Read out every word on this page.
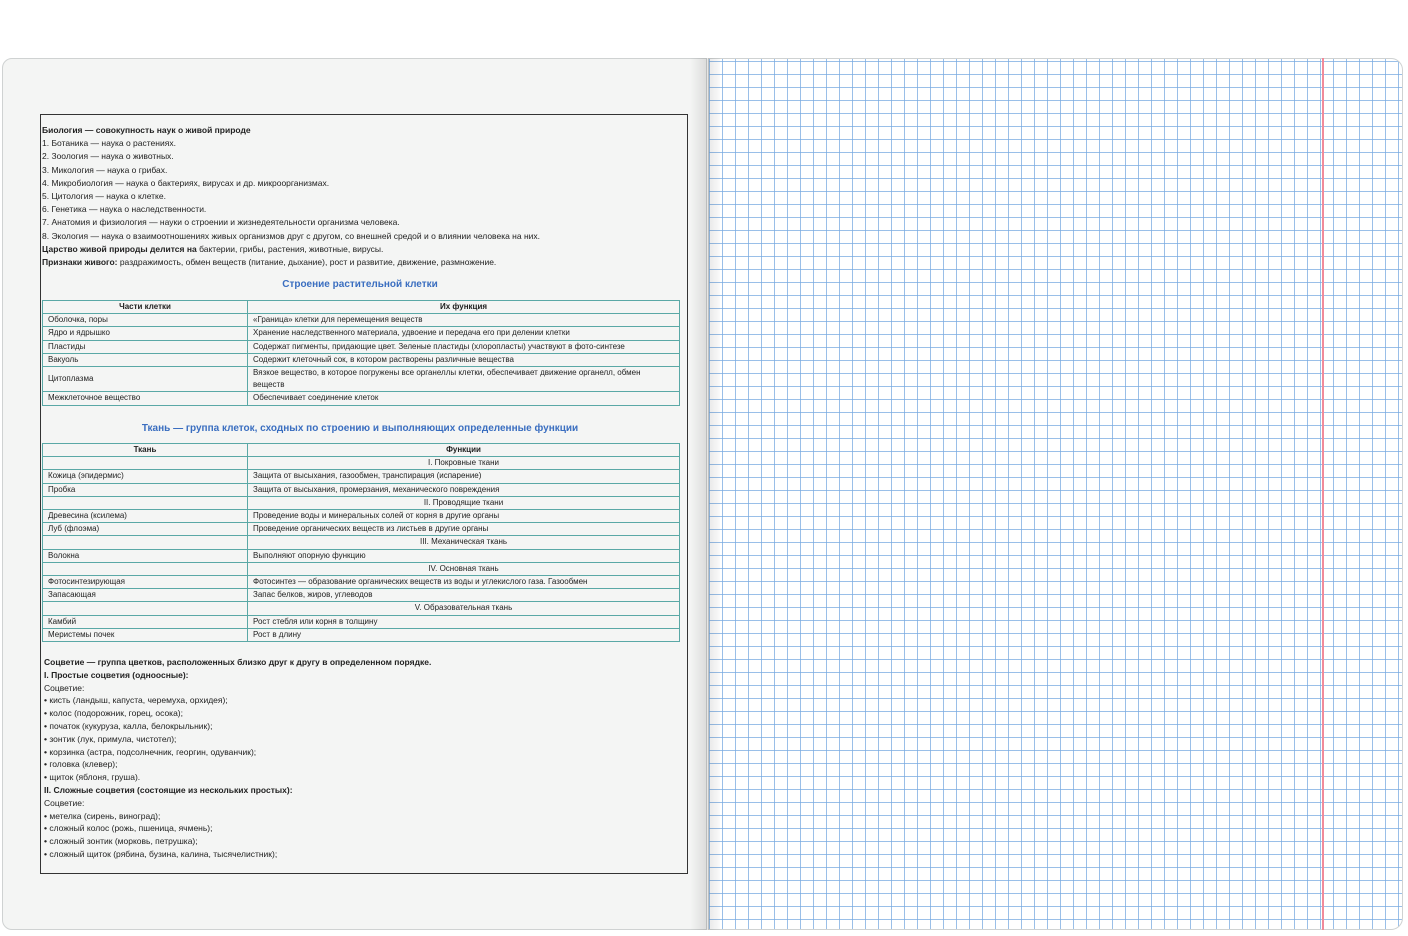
Биология — совокупность наук о живой природе
1. Ботаника — наука о растениях.
2. Зоология — наука о животных.
3. Микология — наука о грибах.
4. Микробиология — наука о бактериях, вирусах и др. микроорганизмах.
5. Цитология — наука о клетке.
6. Генетика — наука о наследственности.
7. Анатомия и физиология — науки о строении и жизнедеятельности организма человека.
8. Экология — наука о взаимоотношениях живых организмов друг с другом, со внешней средой и о влиянии человека на них.
Царство живой природы делится на бактерии, грибы, растения, животные, вирусы.
Признаки живого: раздражимость, обмен веществ (питание, дыхание), рост и развитие, движение, размножение.
Строение растительной клетки
Части клетки	Их функция
Оболочка, поры	«Граница» клетки для перемещения веществ
Ядро и ядрышко	Хранение наследственного материала, удвоение и передача его при делении клетки
Пластиды	Содержат пигменты, придающие цвет. Зеленые пластиды (хлоропласты) участвуют в фото-синтезе
Вакуоль	Содержит клеточный сок, в котором растворены различные вещества
Цитоплазма	Вязкое вещество, в которое погружены все органеллы клетки, обеспечивает движение органелл, обмен веществ
Межклеточное вещество	Обеспечивает соединение клеток
Ткань — группа клеток, сходных по строению и выполняющих определенные функции
Ткань	Функции
	I. Покровные ткани
Кожица (эпидермис)	Защита от высыхания, газообмен, транспирация (испарение)
Пробка	Защита от высыхания, промерзания, механического повреждения
	II. Проводящие ткани
Древесина (ксилема)	Проведение воды и минеральных солей от корня в другие органы
Луб (флоэма)	Проведение органических веществ из листьев в другие органы
	III. Механическая ткань
Волокна	Выполняют опорную функцию
	IV. Основная ткань
Фотосинтезирующая	Фотосинтез — образование органических веществ из воды и углекислого газа. Газообмен
Запасающая	Запас белков, жиров, углеводов
	V. Образовательная ткань
Камбий	Рост стебля или корня в толщину
Меристемы почек	Рост в длину
Соцветие — группа цветков, расположенных близко друг к другу в определенном порядке.
I. Простые соцветия (одноосные):
Соцветие:
• кисть (ландыш, капуста, черемуха, орхидея);
• колос (подорожник, горец, осока);
• початок (кукуруза, калла, белокрыльник);
• зонтик (лук, примула, чистотел);
• корзинка (астра, подсолнечник, георгин, одуванчик);
• головка (клевер);
• щиток (яблоня, груша).
II. Сложные соцветия (состоящие из нескольких простых):
Соцветие:
• метелка (сирень, виноград);
• сложный колос (рожь, пшеница, ячмень);
• сложный зонтик (морковь, петрушка);
• сложный щиток (рябина, бузина, калина, тысячелистник);
